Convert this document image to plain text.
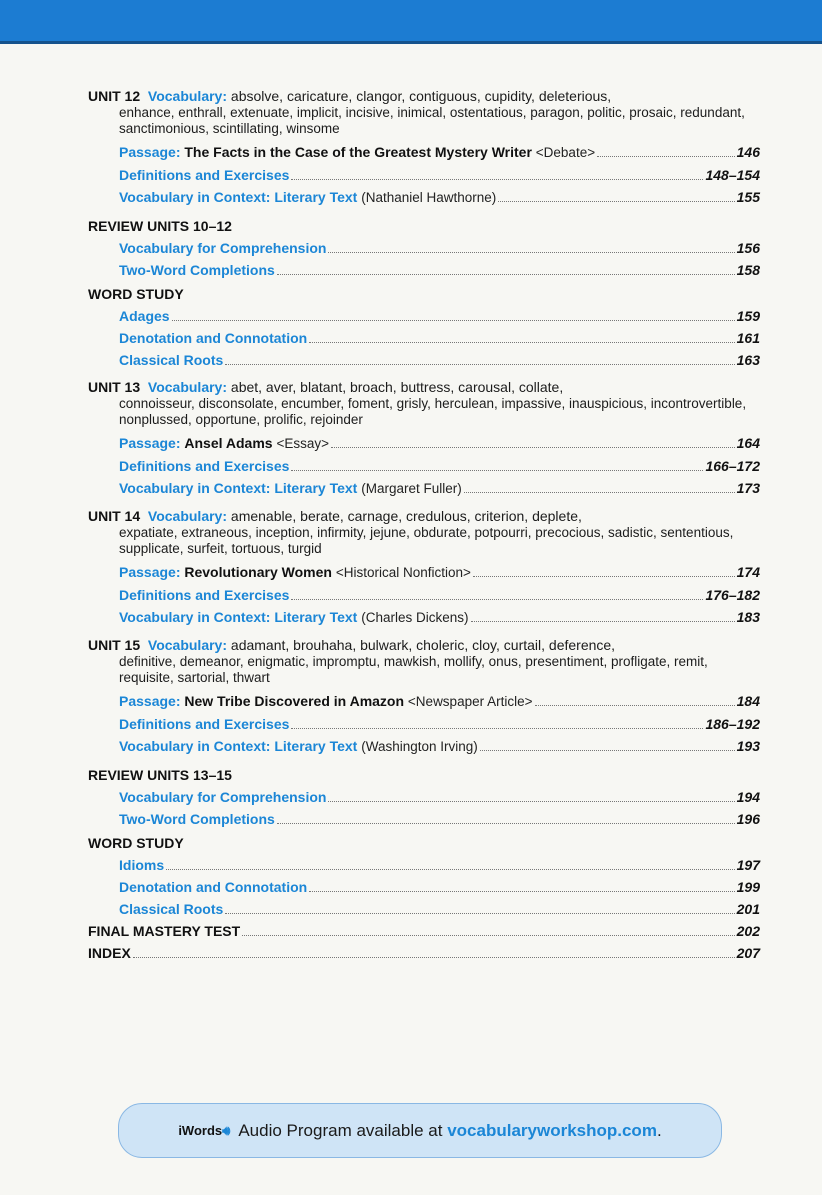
UNIT 12 Vocabulary: absolve, caricature, clangor, contiguous, cupidity, deleterious,
enhance, enthrall, extenuate, implicit, incisive, inimical, ostentatious, paragon, politic, prosaic, redundant, sanctimonious, scintillating, winsome
Passage:
The Facts in the Case of the Greatest Mystery Writer
<Debate>	146
Definitions and Exercises	148–154
Vocabulary in Context: Literary Text
(Nathaniel Hawthorne)	155
REVIEW UNITS 10–12
Vocabulary for Comprehension	156
Two-Word Completions	158
WORD STUDY
Adages	159
Denotation and Connotation	161
Classical Roots	163
UNIT 13 Vocabulary: abet, aver, blatant, broach, buttress, carousal, collate,
connoisseur, disconsolate, encumber, foment, grisly, herculean, impassive, inauspicious, incontrovertible, nonplussed, opportune, prolific, rejoinder
Passage:
Ansel Adams
<Essay>	164
Definitions and Exercises	166–172
Vocabulary in Context: Literary Text
(Margaret Fuller)	173
UNIT 14 Vocabulary: amenable, berate, carnage, credulous, criterion, deplete,
expatiate, extraneous, inception, infirmity, jejune, obdurate, potpourri, precocious, sadistic, sententious, supplicate, surfeit, tortuous, turgid
Passage:
Revolutionary Women
<Historical Nonfiction>	174
Definitions and Exercises	176–182
Vocabulary in Context: Literary Text
(Charles Dickens)	183
UNIT 15 Vocabulary: adamant, brouhaha, bulwark, choleric, cloy, curtail, deference,
definitive, demeanor, enigmatic, impromptu, mawkish, mollify, onus, presentiment, profligate, remit, requisite, sartorial, thwart
Passage:
New Tribe Discovered in Amazon
<Newspaper Article>	184
Definitions and Exercises	186–192
Vocabulary in Context: Literary Text
(Washington Irving)	193
REVIEW UNITS 13–15
Vocabulary for Comprehension	194
Two-Word Completions	196
WORD STUDY
Idioms	197
Denotation and Connotation	199
Classical Roots	201
FINAL MASTERY TEST	202
INDEX	207
iWords🔊︎ Audio Program available at
vocabularyworkshop.com .
